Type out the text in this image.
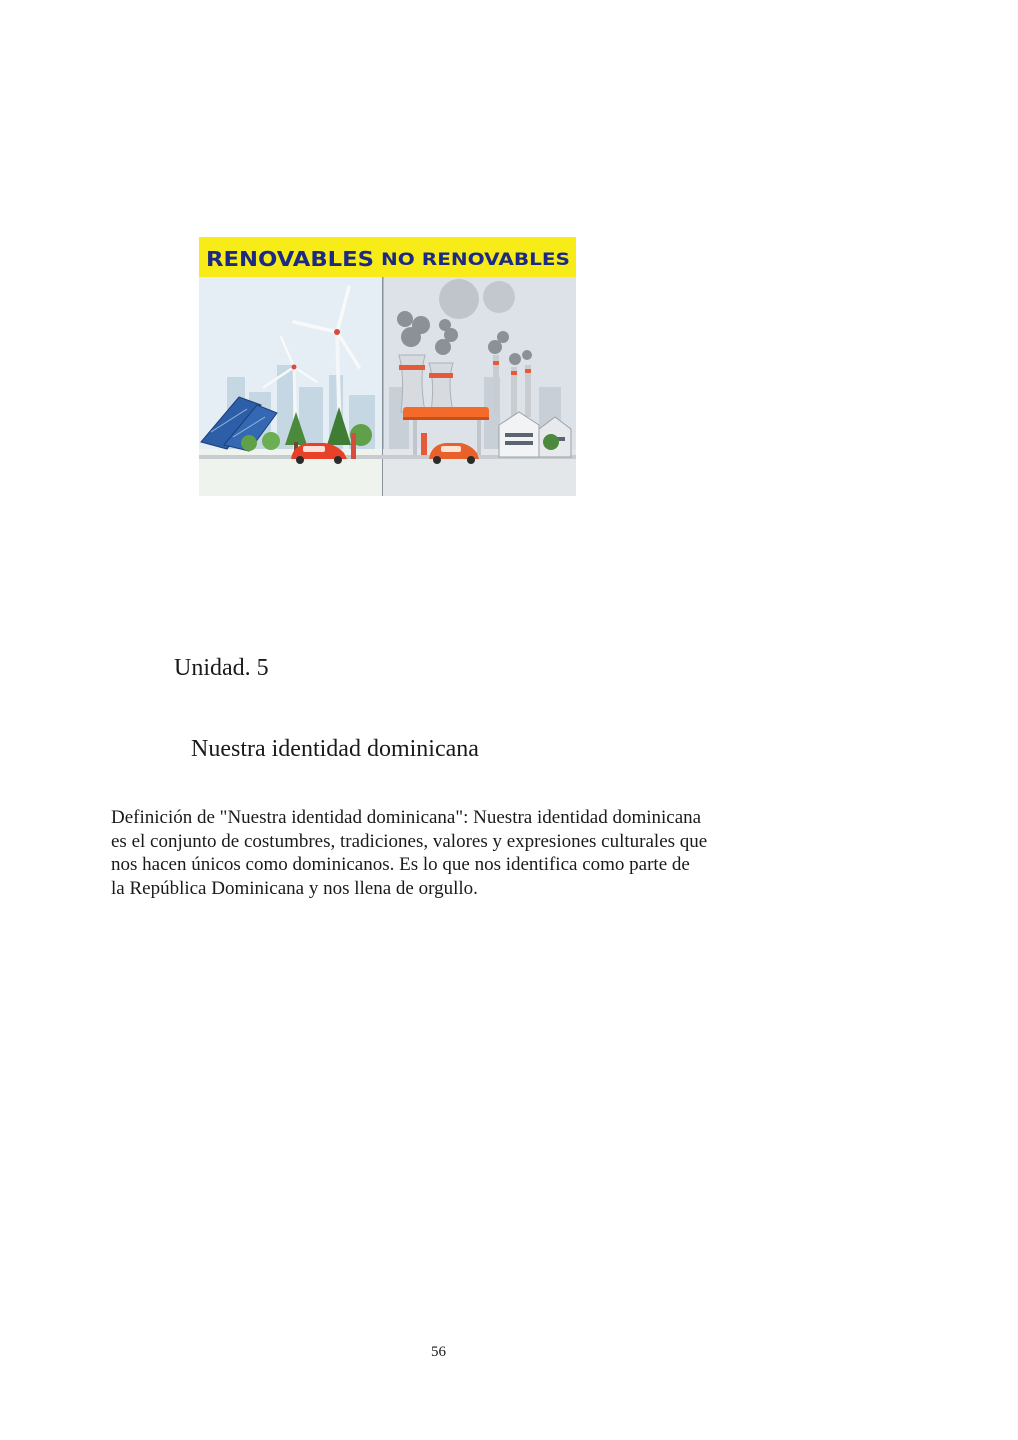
RENOVABLES NO RENOVABLES
Unidad. 5
Nuestra identidad dominicana

Definición de "Nuestra identidad dominicana": Nuestra identidad dominicana
es el conjunto de costumbres, tradiciones, valores y expresiones culturales que
nos hacen únicos como dominicanos. Es lo que nos identifica como parte de
la República Dominicana y nos llena de orgullo.

56
